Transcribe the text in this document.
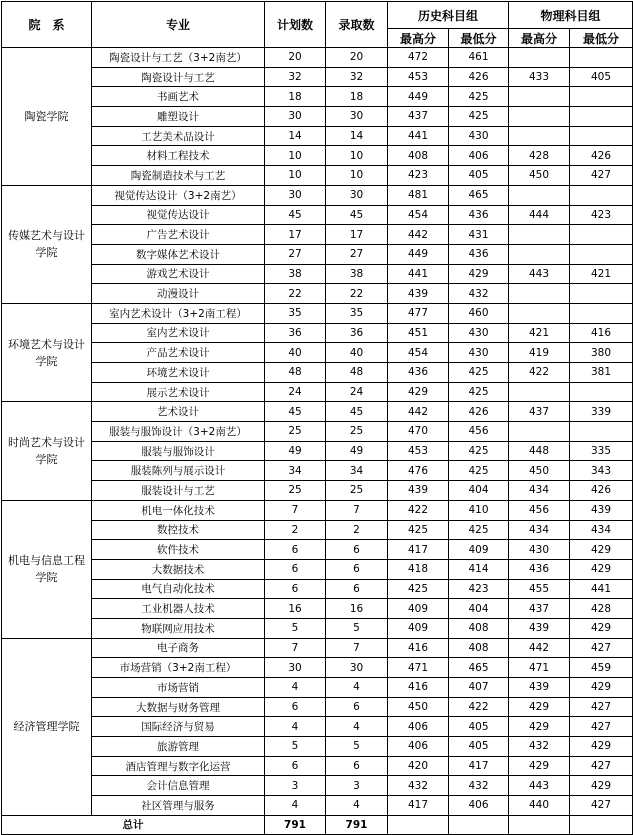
院　系	专业	计划数	录取数	历史科目组		物理科目组	
				最高分	最低分	最高分	最低分
陶瓷学院	陶瓷设计与工艺（3+2南艺）	20	20	472	461		
	陶瓷设计与工艺	32	32	453	426	433	405
	书画艺术	18	18	449	425		
	雕塑设计	30	30	437	425		
	工艺美术品设计	14	14	441	430		
	材料工程技术	10	10	408	406	428	426
	陶瓷制造技术与工艺	10	10	423	405	450	427
传媒艺术与设计学院	视觉传达设计（3+2南艺）	30	30	481	465		
	视觉传达设计	45	45	454	436	444	423
	广告艺术设计	17	17	442	431		
	数字媒体艺术设计	27	27	449	436		
	游戏艺术设计	38	38	441	429	443	421
	动漫设计	22	22	439	432		
环境艺术与设计学院	室内艺术设计（3+2南工程）	35	35	477	460		
	室内艺术设计	36	36	451	430	421	416
	产品艺术设计	40	40	454	430	419	380
	环境艺术设计	48	48	436	425	422	381
	展示艺术设计	24	24	429	425		
时尚艺术与设计学院	艺术设计	45	45	442	426	437	339
	服装与服饰设计（3+2南艺）	25	25	470	456		
	服装与服饰设计	49	49	453	425	448	335
	服装陈列与展示设计	34	34	476	425	450	343
	服装设计与工艺	25	25	439	404	434	426
机电与信息工程学院	机电一体化技术	7	7	422	410	456	439
	数控技术	2	2	425	425	434	434
	软件技术	6	6	417	409	430	429
	大数据技术	6	6	418	414	436	429
	电气自动化技术	6	6	425	423	455	441
	工业机器人技术	16	16	409	404	437	428
	物联网应用技术	5	5	409	408	439	429
经济管理学院	电子商务	7	7	416	408	442	427
	市场营销（3+2南工程）	30	30	471	465	471	459
	市场营销	4	4	416	407	439	429
	大数据与财务管理	6	6	450	422	429	427
	国际经济与贸易	4	4	406	405	429	427
	旅游管理	5	5	406	405	432	429
	酒店管理与数字化运营	6	6	420	417	429	427
	会计信息管理	3	3	432	432	443	429
	社区管理与服务	4	4	417	406	440	427
总计		791	791				
